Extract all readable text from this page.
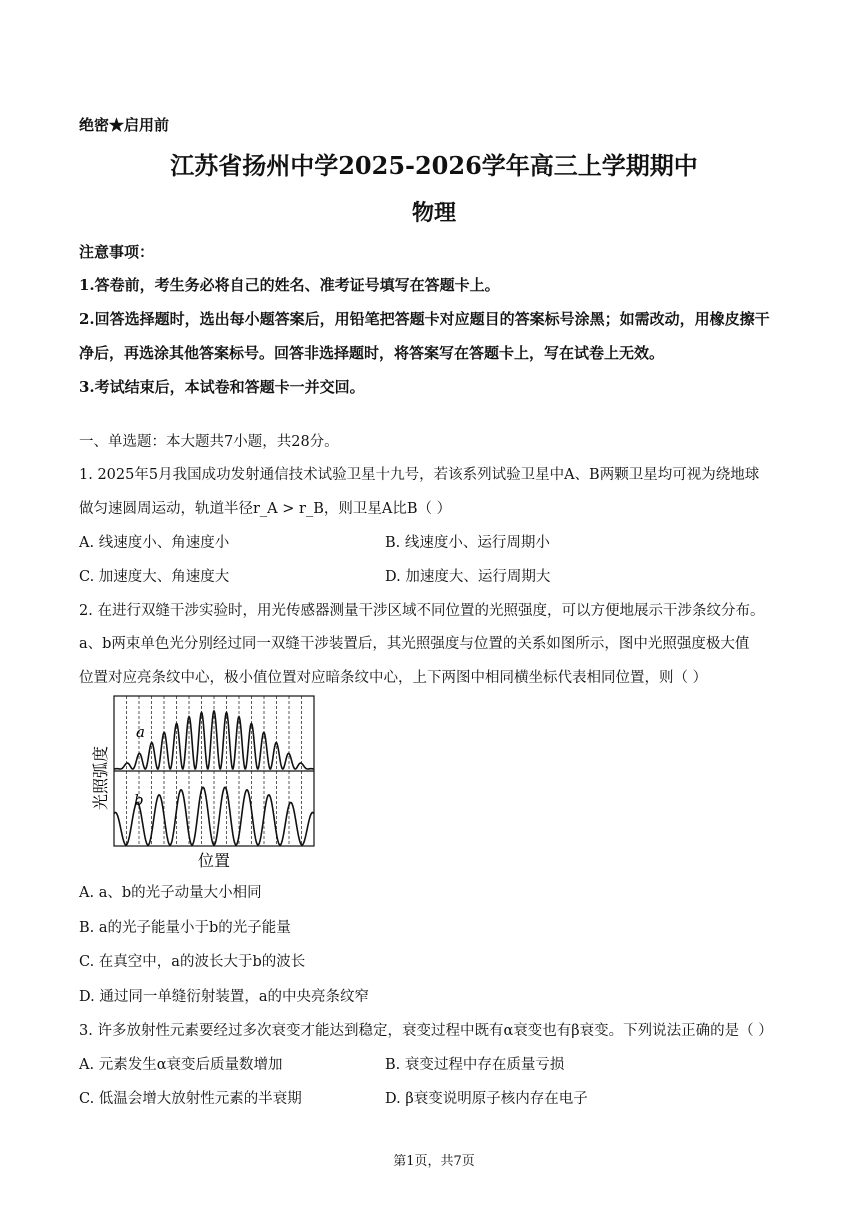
绝密★启用前
江苏省扬州中学2025-2026学年高三上学期期中
物理
注意事项：
1.答卷前，考生务必将自己的姓名、准考证号填写在答题卡上。
2.回答选择题时，选出每小题答案后，用铅笔把答题卡对应题目的答案标号涂黑；如需改动，用橡皮擦干
净后，再选涂其他答案标号。回答非选择题时，将答案写在答题卡上，写在试卷上无效。
3.考试结束后，本试卷和答题卡一并交回。
一、单选题：本大题共7小题，共28分。
1. 2025年5月我国成功发射通信技术试验卫星十九号，若该系列试验卫星中A、B两颗卫星均可视为绕地球
做匀速圆周运动，轨道半径r_A > r_B，则卫星A比B（ ）
A. 线速度小、角速度小	B. 线速度小、运行周期小
C. 加速度大、角速度大	D. 加速度大、运行周期大
2. 在进行双缝干涉实验时，用光传感器测量干涉区域不同位置的光照强度，可以方便地展示干涉条纹分布。
a、b两束单色光分别经过同一双缝干涉装置后，其光照强度与位置的关系如图所示，图中光照强度极大值
位置对应亮条纹中心，极小值位置对应暗条纹中心，上下两图中相同横坐标代表相同位置，则（ ）
a
b
光照弧度
位置
A. a、b的光子动量大小相同
B. a的光子能量小于b的光子能量
C. 在真空中，a的波长大于b的波长
D. 通过同一单缝衍射装置，a的中央亮条纹窄
3. 许多放射性元素要经过多次衰变才能达到稳定，衰变过程中既有α衰变也有β衰变。下列说法正确的是（ ）
A. 元素发生α衰变后质量数增加	B. 衰变过程中存在质量亏损
C. 低温会增大放射性元素的半衰期	D. β衰变说明原子核内存在电子
第1页，共7页
